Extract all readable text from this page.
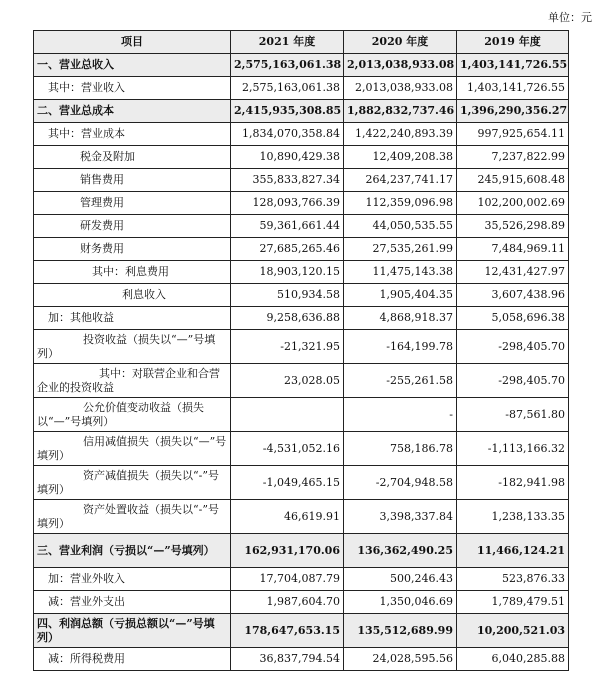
单位：元
项目	2021 年度	2020 年度	2019 年度
一、营业总收入	2,575,163,061.38	2,013,038,933.08	1,403,141,726.55
其中：营业收入	2,575,163,061.38	2,013,038,933.08	1,403,141,726.55
二、营业总成本	2,415,935,308.85	1,882,832,737.46	1,396,290,356.27
其中：营业成本	1,834,070,358.84	1,422,240,893.39	997,925,654.11
税金及附加	10,890,429.38	12,409,208.38	7,237,822.99
销售费用	355,833,827.34	264,237,741.17	245,915,608.48
管理费用	128,093,766.39	112,359,096.98	102,200,002.69
研发费用	59,361,661.44	44,050,535.55	35,526,298.89
财务费用	27,685,265.46	27,535,261.99	7,484,969.11
其中：利息费用	18,903,120.15	11,475,143.38	12,431,427.97
利息收入	510,934.58	1,905,404.35	3,607,438.96
加：其他收益	9,258,636.88	4,868,918.37	5,058,696.38
投资收益（损失以“—”号填列）	-21,321.95	-164,199.78	-298,405.70
其中：对联营企业和合营企业的投资收益	23,028.05	-255,261.58	-298,405.70
公允价值变动收益（损失以“—”号填列）		-	-87,561.80
信用减值损失（损失以“—”号填列）	-4,531,052.16	758,186.78	-1,113,166.32
资产减值损失（损失以“-”号填列）	-1,049,465.15	-2,704,948.58	-182,941.98
资产处置收益（损失以“-”号填列）	46,619.91	3,398,337.84	1,238,133.35
三、营业利润（亏损以“—”号填列）	162,931,170.06	136,362,490.25	11,466,124.21
加：营业外收入	17,704,087.79	500,246.43	523,876.33
减：营业外支出	1,987,604.70	1,350,046.69	1,789,479.51
四、利润总额（亏损总额以“—”号填列）	178,647,653.15	135,512,689.99	10,200,521.03
减：所得税费用	36,837,794.54	24,028,595.56	6,040,285.88
